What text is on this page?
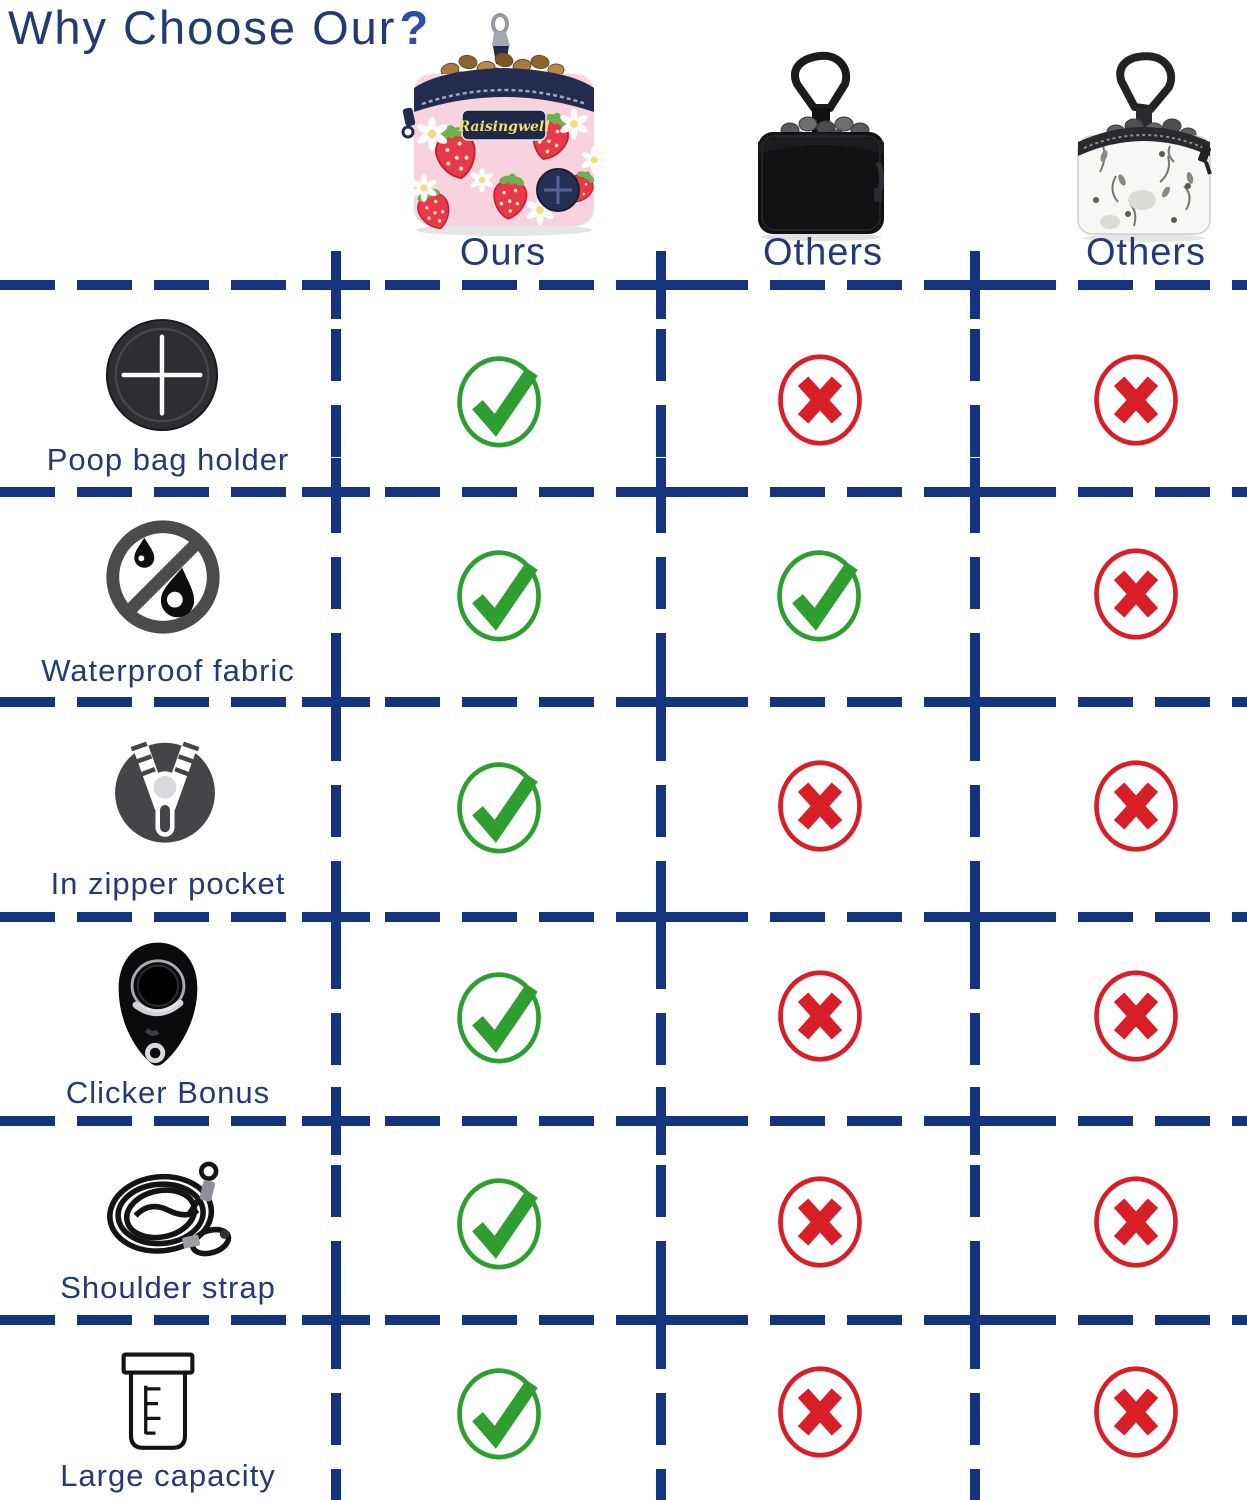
Why Choose Our?
Raisingwell
Ours	Others	Others
Poop bag holder
Waterproof fabric
In zipper pocket
Clicker Bonus
Shoulder strap
Large capacity
